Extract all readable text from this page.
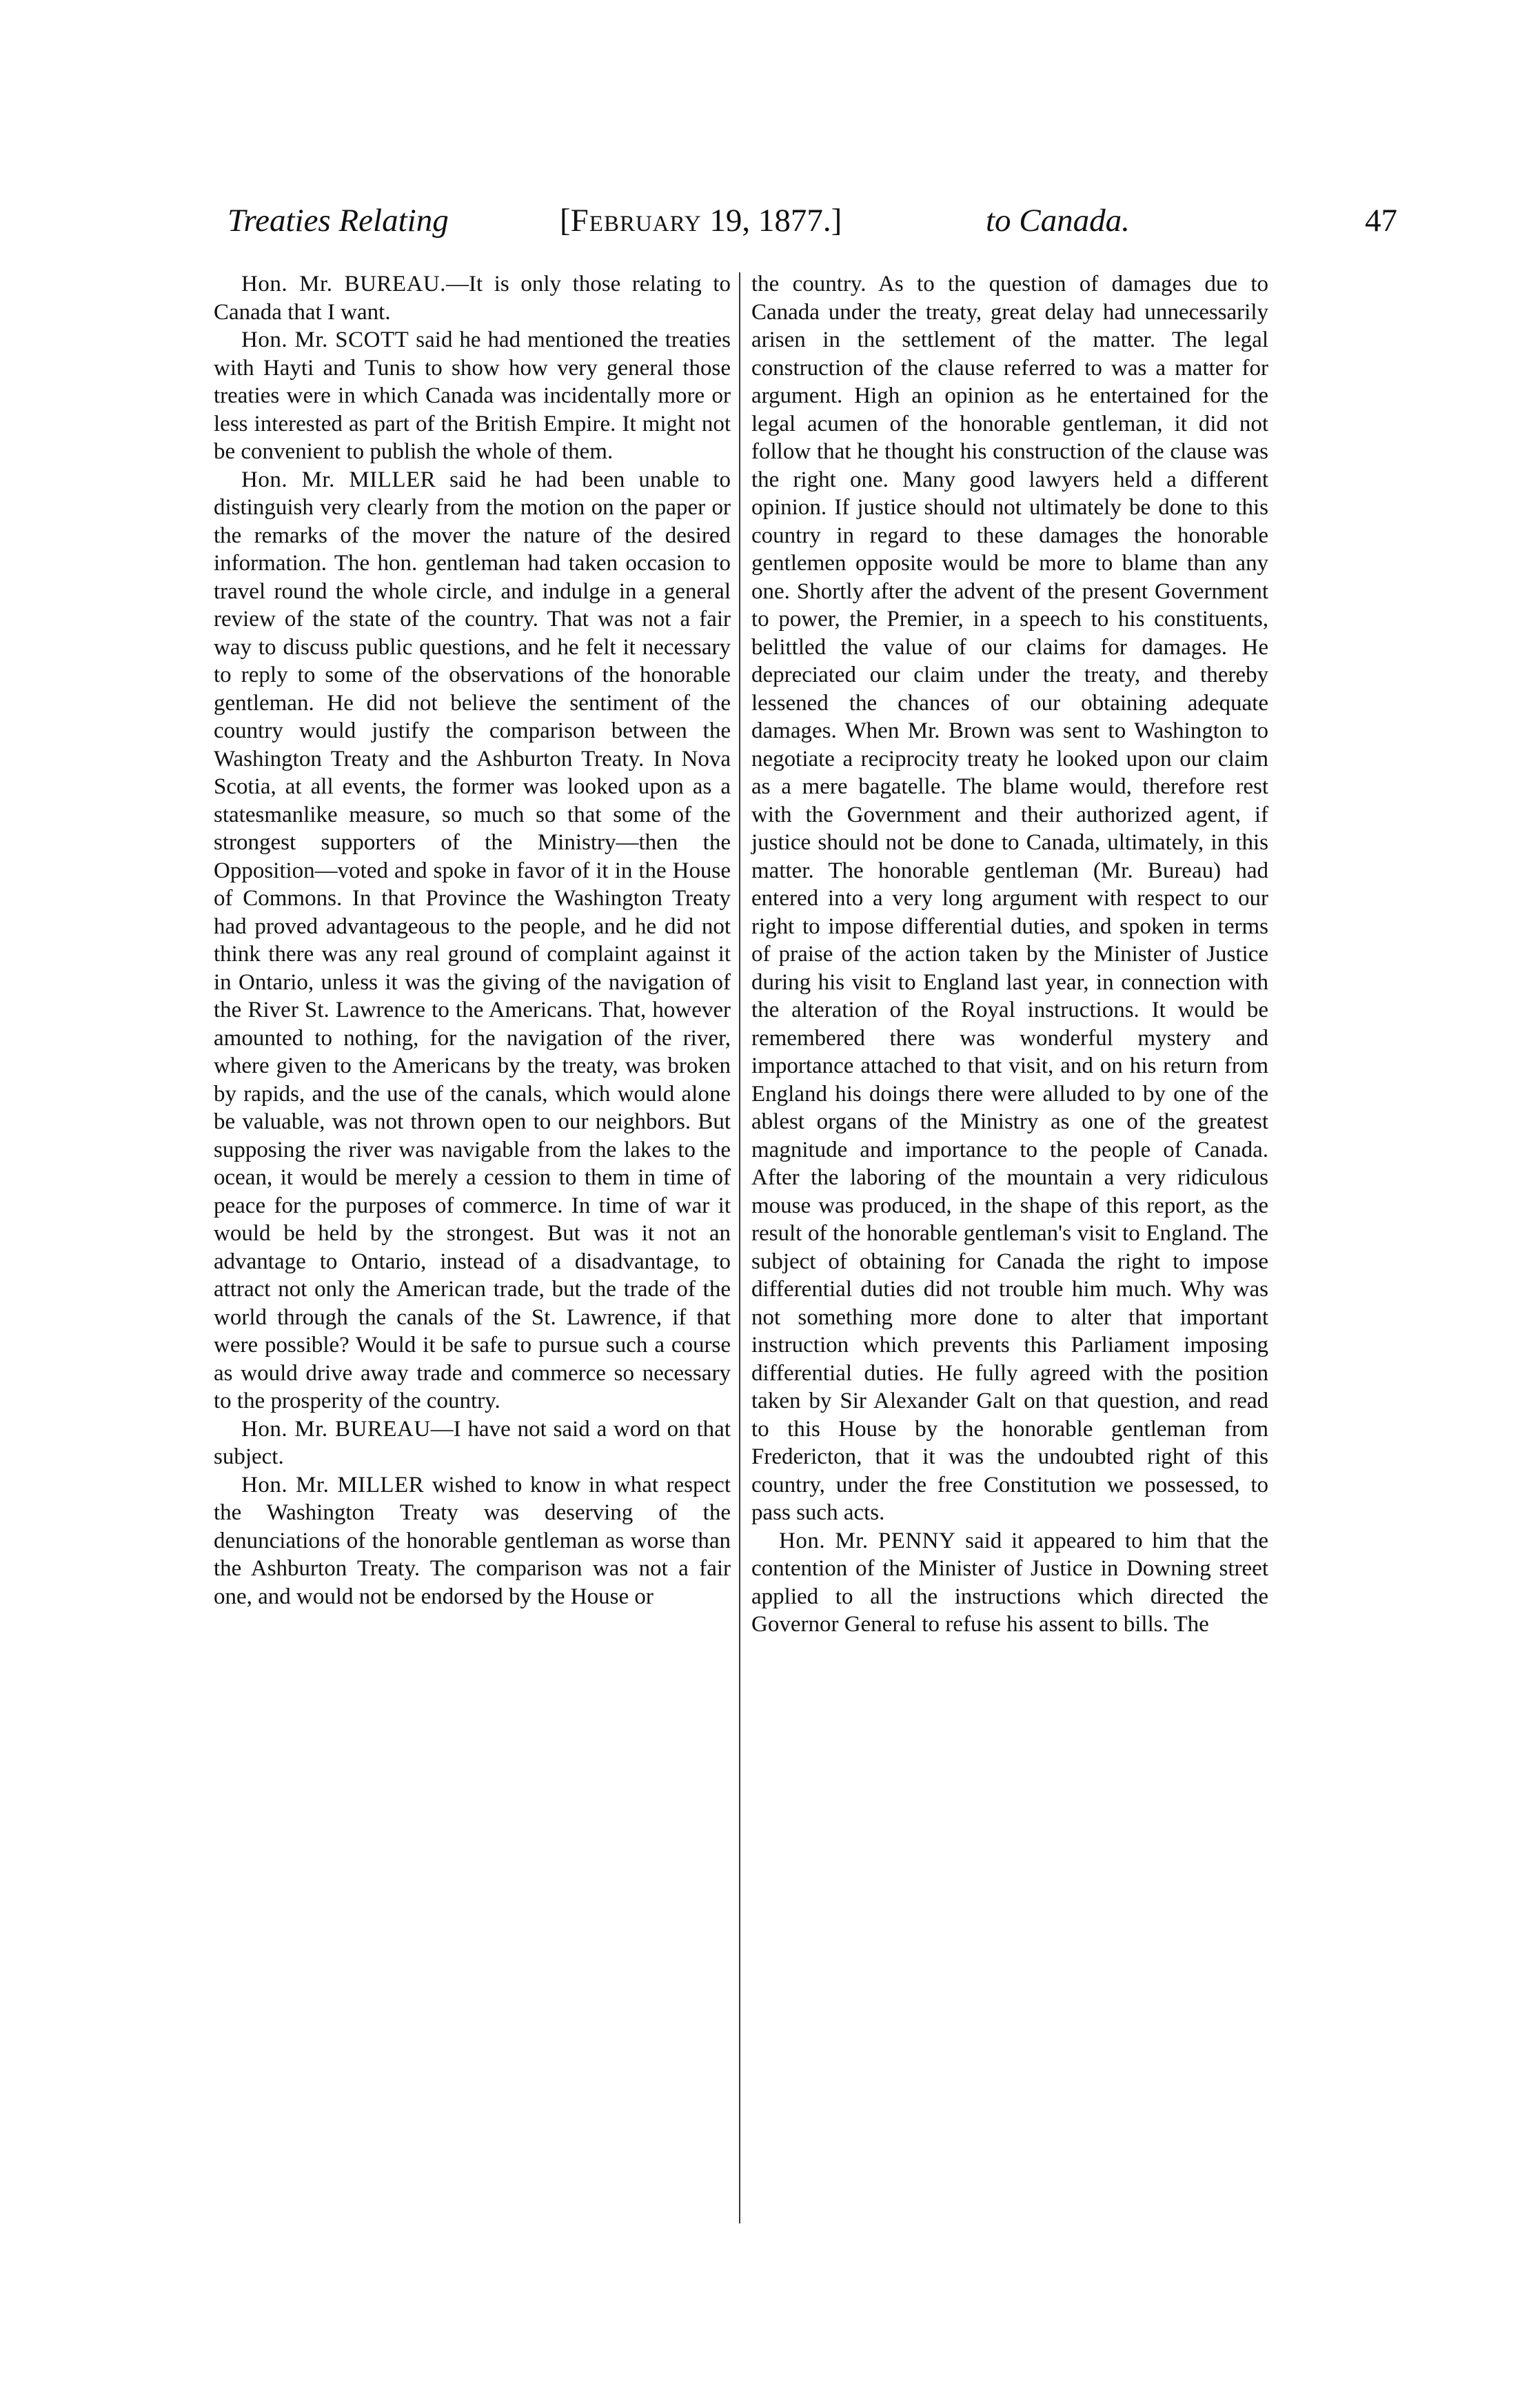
Treaties Relating	[February 19, 1877.]	to Canada.	47

Hon. Mr. BUREAU.—It is only those relating to Canada that I want.

Hon. Mr. SCOTT said he had mentioned the treaties with Hayti and Tunis to show how very general those treaties were in which Canada was incidentally more or less interested as part of the British Empire. It might not be convenient to publish the whole of them.

Hon. Mr. MILLER said he had been unable to distinguish very clearly from the motion on the paper or the remarks of the mover the nature of the desired information. The hon. gentleman had taken occasion to travel round the whole circle, and indulge in a general review of the state of the country. That was not a fair way to discuss public questions, and he felt it necessary to reply to some of the observations of the honorable gentleman. He did not believe the sentiment of the country would justify the comparison between the Washington Treaty and the Ashburton Treaty. In Nova Scotia, at all events, the former was looked upon as a statesmanlike measure, so much so that some of the strongest supporters of the Ministry—then the Opposition—voted and spoke in favor of it in the House of Commons. In that Province the Washington Treaty had proved advantageous to the people, and he did not think there was any real ground of complaint against it in Ontario, unless it was the giving of the navigation of the River St. Lawrence to the Americans. That, however amounted to nothing, for the navigation of the river, where given to the Americans by the treaty, was broken by rapids, and the use of the canals, which would alone be valuable, was not thrown open to our neighbors. But supposing the river was navigable from the lakes to the ocean, it would be merely a cession to them in time of peace for the purposes of commerce. In time of war it would be held by the strongest. But was it not an advantage to Ontario, instead of a disadvantage, to attract not only the American trade, but the trade of the world through the canals of the St. Lawrence, if that were possible? Would it be safe to pursue such a course as would drive away trade and commerce so necessary to the prosperity of the country.

Hon. Mr. BUREAU—I have not said a word on that subject.

Hon. Mr. MILLER wished to know in what respect the Washington Treaty was deserving of the denunciations of the honorable gentleman as worse than the Ashburton Treaty. The comparison was not a fair one, and would not be endorsed by the House or

the country. As to the question of damages due to Canada under the treaty, great delay had unnecessarily arisen in the settlement of the matter. The legal construction of the clause referred to was a matter for argument. High an opinion as he entertained for the legal acumen of the honorable gentleman, it did not follow that he thought his construction of the clause was the right one. Many good lawyers held a different opinion. If justice should not ultimately be done to this country in regard to these damages the honorable gentlemen opposite would be more to blame than any one. Shortly after the advent of the present Government to power, the Premier, in a speech to his constituents, belittled the value of our claims for damages. He depreciated our claim under the treaty, and thereby lessened the chances of our obtaining adequate damages. When Mr. Brown was sent to Washington to negotiate a reciprocity treaty he looked upon our claim as a mere bagatelle. The blame would, therefore rest with the Government and their authorized agent, if justice should not be done to Canada, ultimately, in this matter. The honorable gentleman (Mr. Bureau) had entered into a very long argument with respect to our right to impose differential duties, and spoken in terms of praise of the action taken by the Minister of Justice during his visit to England last year, in connection with the alteration of the Royal instructions. It would be remembered there was wonderful mystery and importance attached to that visit, and on his return from England his doings there were alluded to by one of the ablest organs of the Ministry as one of the greatest magnitude and importance to the people of Canada. After the laboring of the mountain a very ridiculous mouse was produced, in the shape of this report, as the result of the honorable gentleman's visit to England. The subject of obtaining for Canada the right to impose differential duties did not trouble him much. Why was not something more done to alter that important instruction which prevents this Parliament imposing differential duties. He fully agreed with the position taken by Sir Alexander Galt on that question, and read to this House by the honorable gentleman from Fredericton, that it was the undoubted right of this country, under the free Constitution we possessed, to pass such acts.

Hon. Mr. PENNY said it appeared to him that the contention of the Minister of Justice in Downing street applied to all the instructions which directed the Governor General to refuse his assent to bills. The
